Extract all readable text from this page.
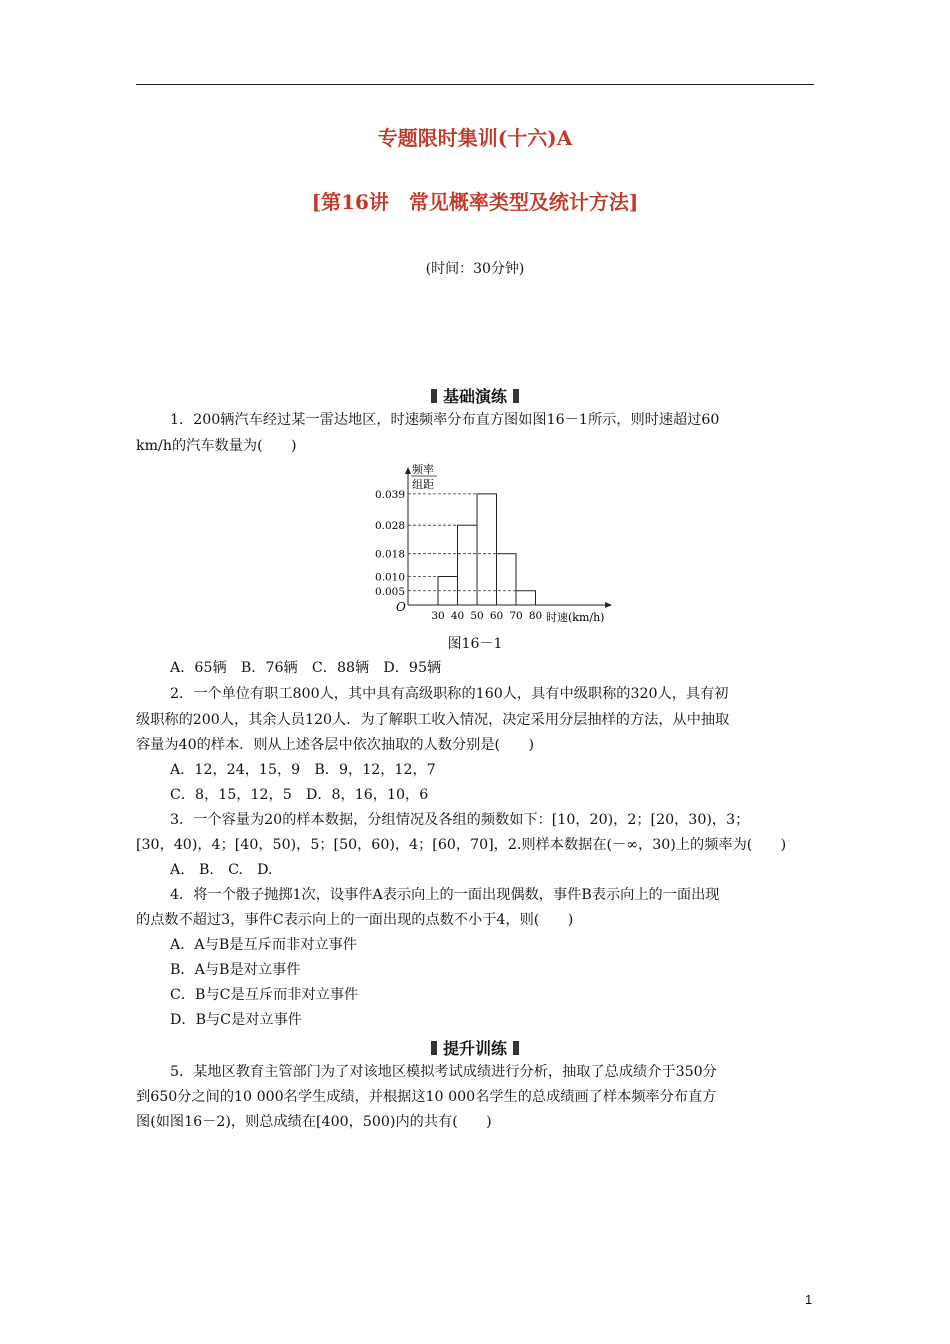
专题限时集训(十六)A
[第16讲　常见概率类型及统计方法]
(时间：30分钟)
基础演练
1．200辆汽车经过某一雷达地区，时速频率分布直方图如图16－1所示，则时速超过60
km/h的汽车数量为(　　)
O
频率
组距
0.005
0.010
0.018
0.028
0.039
30 40 50 60 70 80 时速(km/h)
图16－1
A．65辆　B．76辆　C．88辆　D．95辆
2．一个单位有职工800人，其中具有高级职称的160人，具有中级职称的320人，具有初
级职称的200人，其余人员120人．为了解职工收入情况，决定采用分层抽样的方法，从中抽取
容量为40的样本．则从上述各层中依次抽取的人数分别是(　　)
A．12，24，15，9　B．9，12，12，7
C．8，15，12，5　D．8，16，10，6
3．一个容量为20的样本数据，分组情况及各组的频数如下：[10，20)，2；[20，30)，3；
[30，40)，4；[40，50)，5；[50，60)，4；[60，70]，2.则样本数据在(－∞，30)上的频率为(　　)
A.　B.　C.　D.
4．将一个骰子抛掷1次，设事件A表示向上的一面出现偶数，事件B表示向上的一面出现
的点数不超过3，事件C表示向上的一面出现的点数不小于4，则(　　)
A．A与B是互斥而非对立事件
B．A与B是对立事件
C．B与C是互斥而非对立事件
D．B与C是对立事件
提升训练
5．某地区教育主管部门为了对该地区模拟考试成绩进行分析，抽取了总成绩介于350分
到650分之间的10 000名学生成绩，并根据这10 000名学生的总成绩画了样本频率分布直方
图(如图16－2)，则总成绩在[400，500)内的共有(　　)
1
